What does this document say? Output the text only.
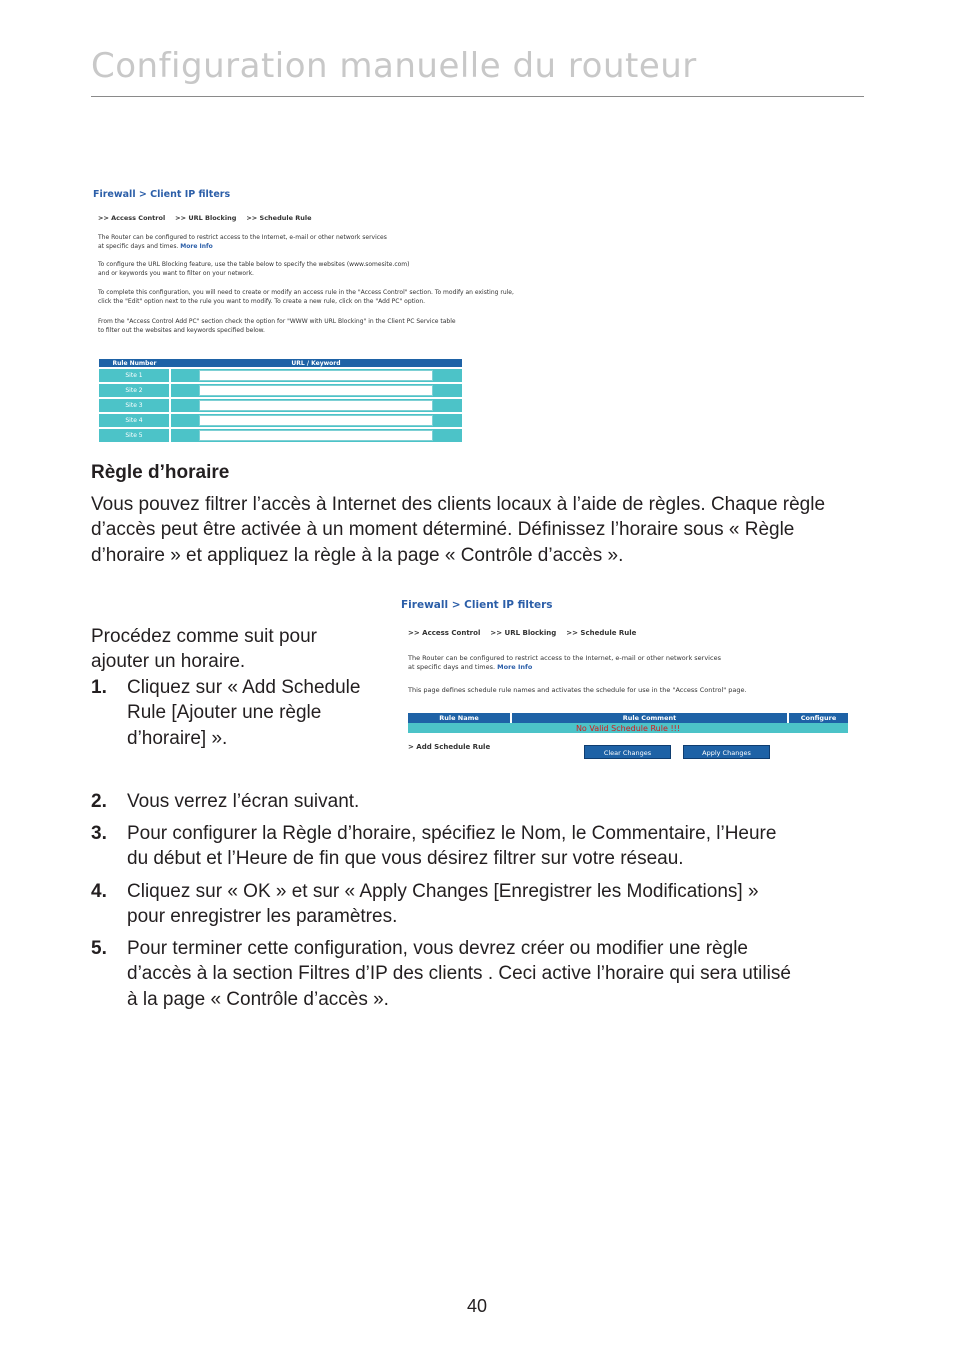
Configuration manuelle du routeur
Firewall > Client IP filters
>> Access Control >> URL Blocking >> Schedule Rule
The Router can be configured to restrict access to the Internet, e-mail or other network services
at specific days and times. More Info
To configure the URL Blocking feature, use the table below to specify the websites (www.somesite.com)
and or keywords you want to filter on your network.
To complete this configuration, you will need to create or modify an access rule in the "Access Control" section. To modify an existing rule,
click the "Edit" option next to the rule you want to modify. To create a new rule, click on the "Add PC" option.
From the "Access Control Add PC" section check the option for "WWW with URL Blocking" in the Client PC Service table
to filter out the websites and keywords specified below.
Rule Number	URL / Keyword
Site 1	

Site 2	

Site 3	

Site 4	

Site 5	
Règle d’horaire
Vous pouvez filtrer l’accès à Internet des clients locaux à l’aide de règles. Chaque règle d’accès peut être activée à un moment déterminé. Définissez l’horaire sous « Règle d’horaire » et appliquez la règle à la page « Contrôle d’accès ».
Procédez comme suit pour
ajouter un horaire.
Firewall > Client IP filters
>> Access Control >> URL Blocking >> Schedule Rule
The Router can be configured to restrict access to the Internet, e-mail or other network services
at specific days and times. More Info
This page defines schedule rule names and activates the schedule for use in the "Access Control" page.
Rule Name	Rule Comment	Configure
No Valid Schedule Rule !!!
> Add Schedule Rule
Clear Changes	Apply Changes
1. Cliquez sur « Add Schedule
Rule [Ajouter une règle
d’horaire] ».
2. Vous verrez l’écran suivant.
3. Pour configurer la Règle d’horaire, spécifiez le Nom, le Commentaire, l’Heure
du début et l’Heure de fin que vous désirez filtrer sur votre réseau.
4. Cliquez sur « OK » et sur « Apply Changes [Enregistrer les Modifications] »
pour enregistrer les paramètres.
5. Pour terminer cette configuration, vous devrez créer ou modifier une règle
d’accès à la section Filtres d’IP des clients . Ceci active l’horaire qui sera utilisé
à la page « Contrôle d’accès ».
40
